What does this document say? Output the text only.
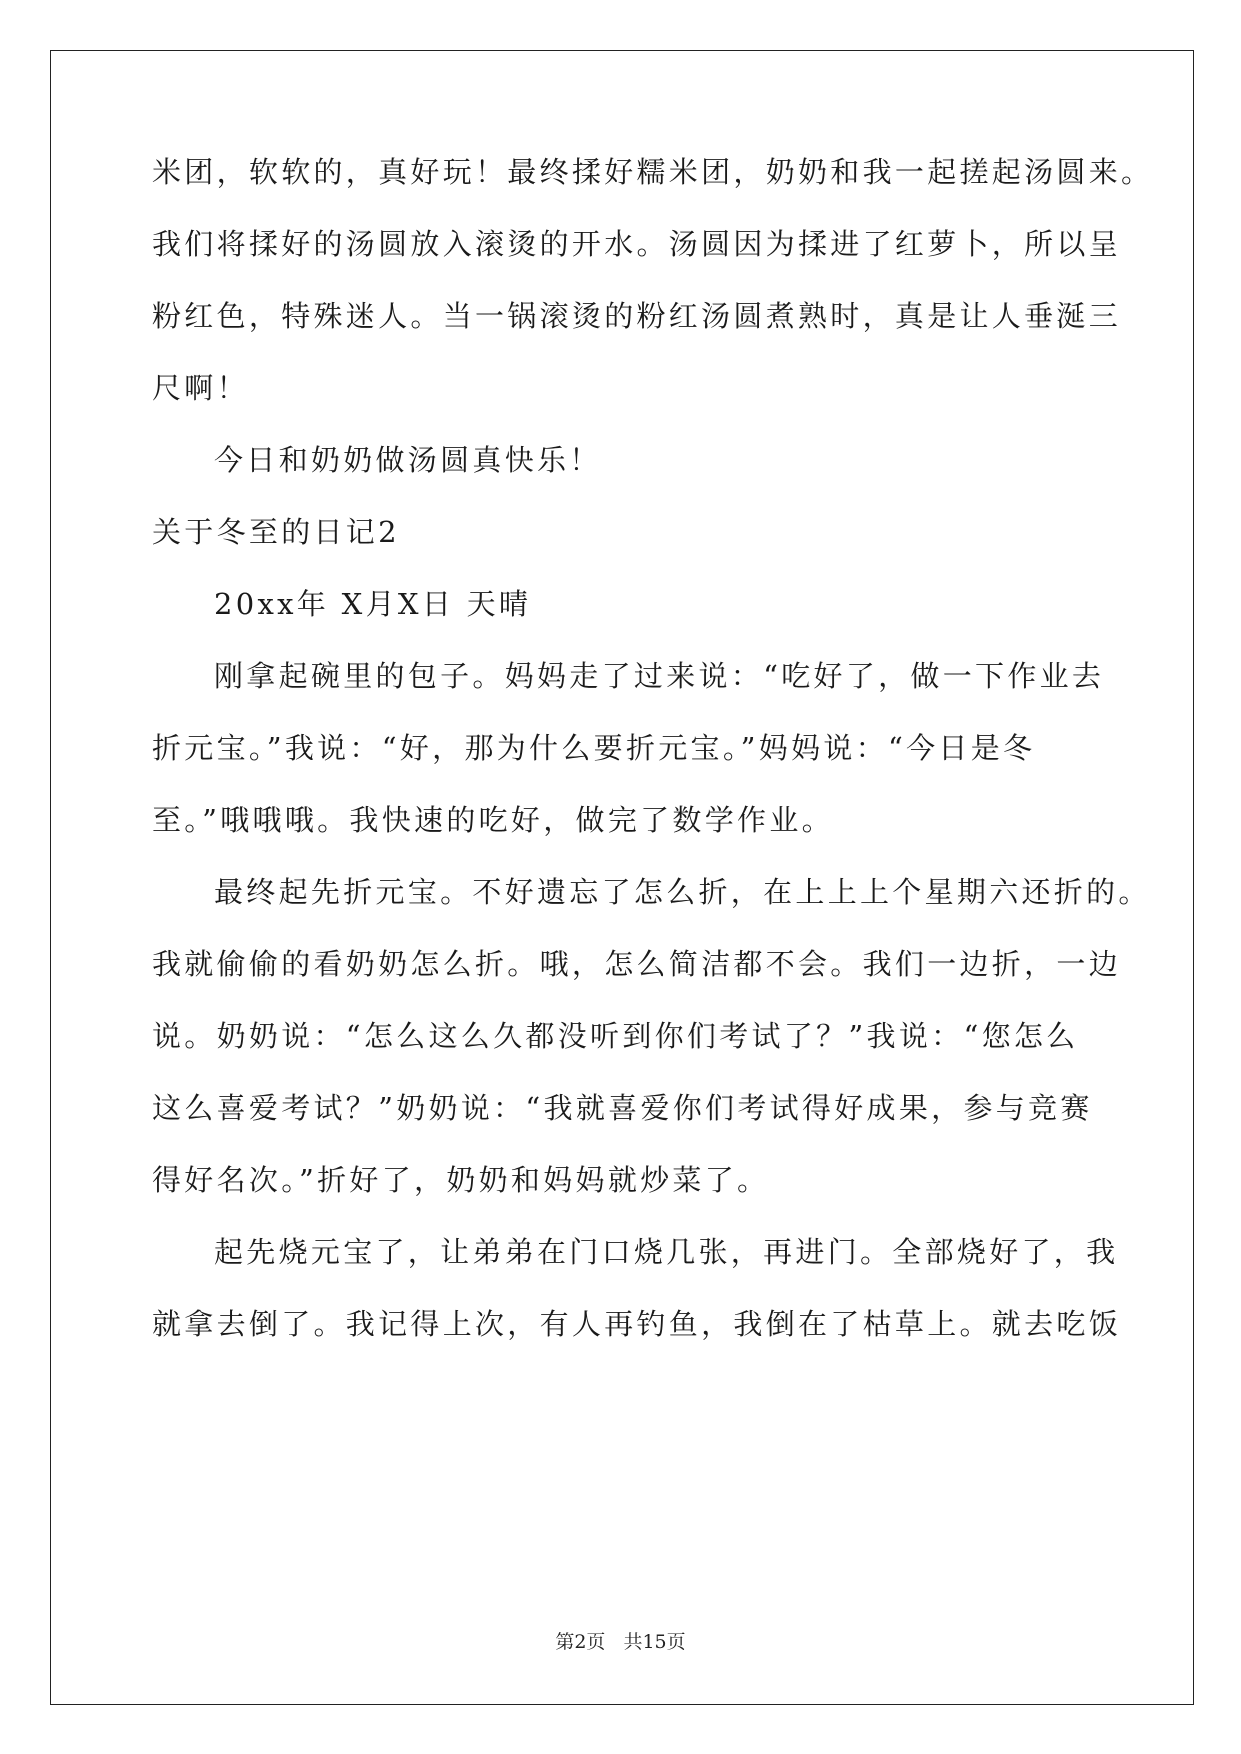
米团，软软的，真好玩！最终揉好糯米团，奶奶和我一起搓起汤圆来。
我们将揉好的汤圆放入滚烫的开水。汤圆因为揉进了红萝卜，所以呈
粉红色，特殊迷人。当一锅滚烫的粉红汤圆煮熟时，真是让人垂涎三
尺啊！
今日和奶奶做汤圆真快乐！
关于冬至的日记2
20xx年 X月X日 天晴
刚拿起碗里的包子。妈妈走了过来说：“吃好了，做一下作业去
折元宝。”我说：“好，那为什么要折元宝。”妈妈说：“今日是冬
至。”哦哦哦。我快速的吃好，做完了数学作业。
最终起先折元宝。不好遗忘了怎么折，在上上上个星期六还折的。
我就偷偷的看奶奶怎么折。哦，怎么简洁都不会。我们一边折，一边
说。奶奶说：“怎么这么久都没听到你们考试了？”我说：“您怎么
这么喜爱考试？”奶奶说：“我就喜爱你们考试得好成果，参与竞赛
得好名次。”折好了，奶奶和妈妈就炒菜了。
起先烧元宝了，让弟弟在门口烧几张，再进门。全部烧好了，我
就拿去倒了。我记得上次，有人再钓鱼，我倒在了枯草上。就去吃饭
第2页 共15页
